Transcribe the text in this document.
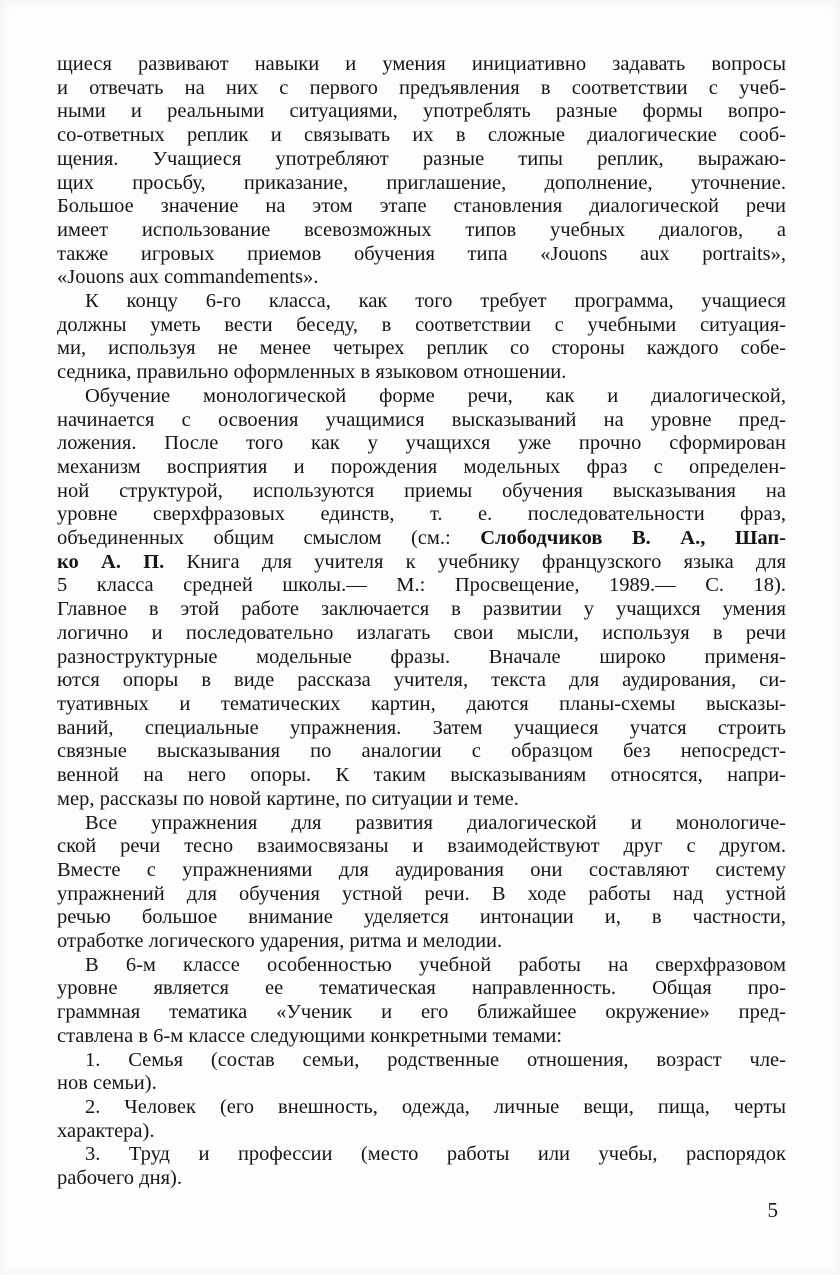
щиеся развивают навыки и умения инициативно задавать вопросы
и отвечать на них с первого предъявления в соответствии с учеб-
ными и реальными ситуациями, употреблять разные формы вопро-
со-ответных реплик и связывать их в сложные диалогические сооб-
щения. Учащиеся употребляют разные типы реплик, выражаю-
щих просьбу, приказание, приглашение, дополнение, уточнение.
Большое значение на этом этапе становления диалогической речи
имеет использование всевозможных типов учебных диалогов, а
также игровых приемов обучения типа «Jouons aux portraits»,
«Jouons aux commandements».
К концу 6-го класса, как того требует программа, учащиеся
должны уметь вести беседу, в соответствии с учебными ситуация-
ми, используя не менее четырех реплик со стороны каждого собе-
седника, правильно оформленных в языковом отношении.
Обучение монологической форме речи, как и диалогической,
начинается с освоения учащимися высказываний на уровне пред-
ложения. После того как у учащихся уже прочно сформирован
механизм восприятия и порождения модельных фраз с определен-
ной структурой, используются приемы обучения высказывания на
уровне сверхфразовых единств, т. е. последовательности фраз,
объединенных общим смыслом (см.: Слободчиков В. А., Шап-
ко А. П. Книга для учителя к учебнику французского языка для
5 класса средней школы.— М.: Просвещение, 1989.— С. 18).
Главное в этой работе заключается в развитии у учащихся умения
логично и последовательно излагать свои мысли, используя в речи
разноструктурные модельные фразы. Вначале широко применя-
ются опоры в виде рассказа учителя, текста для аудирования, си-
туативных и тематических картин, даются планы-схемы высказы-
ваний, специальные упражнения. Затем учащиеся учатся строить
связные высказывания по аналогии с образцом без непосредст-
венной на него опоры. К таким высказываниям относятся, напри-
мер, рассказы по новой картине, по ситуации и теме.
Все упражнения для развития диалогической и монологиче-
ской речи тесно взаимосвязаны и взаимодействуют друг с другом.
Вместе с упражнениями для аудирования они составляют систему
упражнений для обучения устной речи. В ходе работы над устной
речью большое внимание уделяется интонации и, в частности,
отработке логического ударения, ритма и мелодии.
В 6-м классе особенностью учебной работы на сверхфразовом
уровне является ее тематическая направленность. Общая про-
граммная тематика «Ученик и его ближайшее окружение» пред-
ставлена в 6-м классе следующими конкретными темами:
1. Семья (состав семьи, родственные отношения, возраст чле-
нов семьи).
2. Человек (его внешность, одежда, личные вещи, пища, черты
характера).
3. Труд и профессии (место работы или учебы, распорядок
рабочего дня).
5
